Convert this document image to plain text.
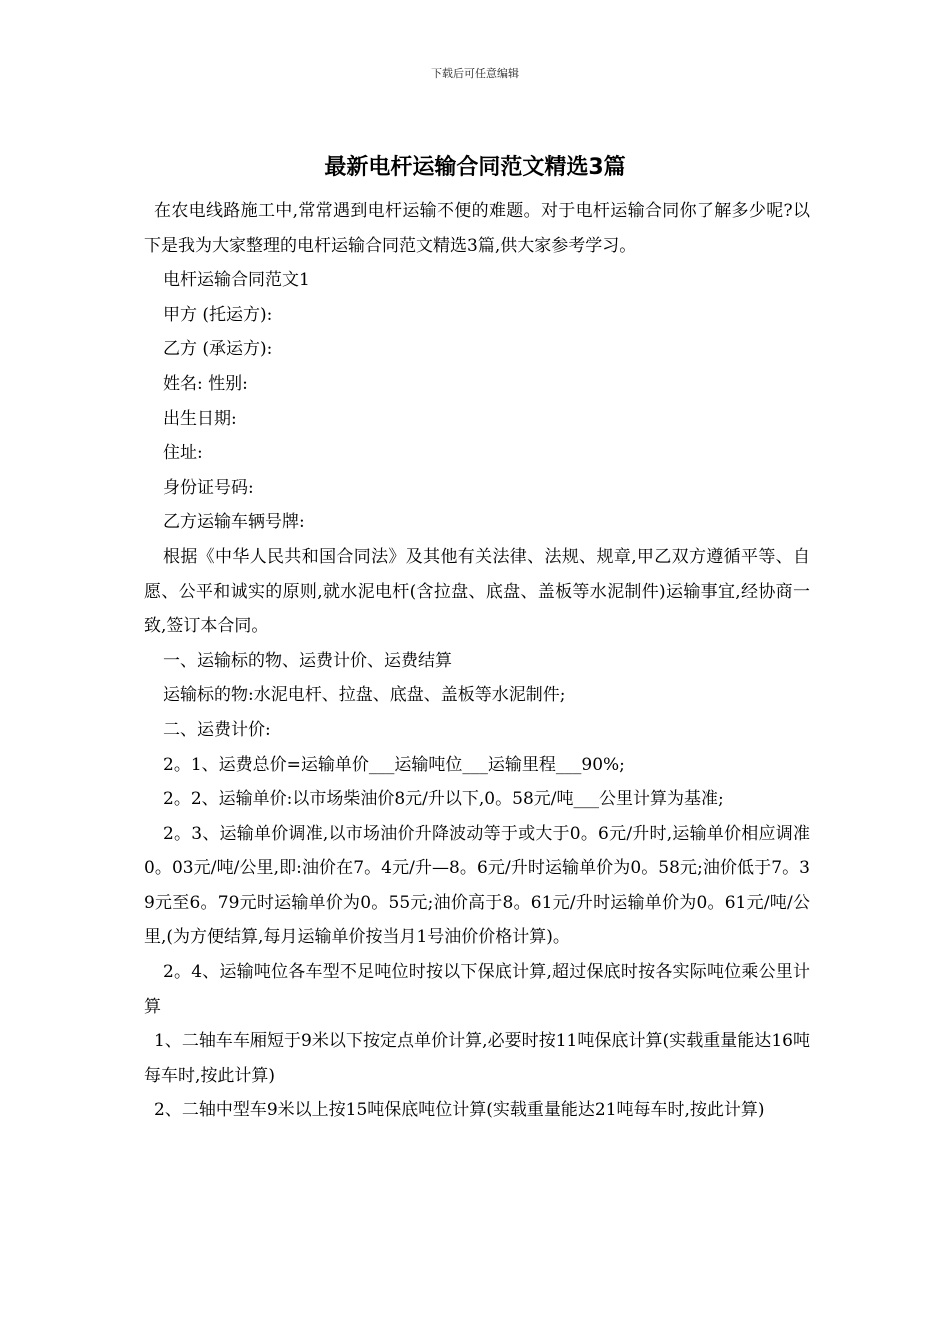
下载后可任意编辑
最新电杆运输合同范文精选3篇

在农电线路施工中,常常遇到电杆运输不便的难题。对于电杆运输合同你了解多少呢?以下是我为大家整理的电杆运输合同范文精选3篇,供大家参考学习。

电杆运输合同范文1

甲方 (托运方):

乙方 (承运方):

姓名: 性别:

出生日期:

住址:

身份证号码:

乙方运输车辆号牌:

根据《中华人民共和国合同法》及其他有关法律、法规、规章,甲乙双方遵循平等、自愿、公平和诚实的原则,就水泥电杆(含拉盘、底盘、盖板等水泥制件)运输事宜,经协商一致,签订本合同。

一、运输标的物、运费计价、运费结算

运输标的物:水泥电杆、拉盘、底盘、盖板等水泥制件;

二、运费计价:

2。1、运费总价=运输单价___运输吨位___运输里程___90%;

2。2、运输单价:以市场柴油价8元/升以下,0。58元/吨___公里计算为基准;

2。3、运输单价调准,以市场油价升降波动等于或大于0。6元/升时,运输单价相应调准0。03元/吨/公里,即:油价在7。4元/升—8。6元/升时运输单价为0。58元;油价低于7。39元至6。79元时运输单价为0。55元;油价高于8。61元/升时运输单价为0。61元/吨/公里,(为方便结算,每月运输单价按当月1号油价价格计算)。

2。4、运输吨位各车型不足吨位时按以下保底计算,超过保底时按各实际吨位乘公里计算

1、二轴车车厢短于9米以下按定点单价计算,必要时按11吨保底计算(实载重量能达16吨每车时,按此计算)

2、二轴中型车9米以上按15吨保底吨位计算(实载重量能达21吨每车时,按此计算)
